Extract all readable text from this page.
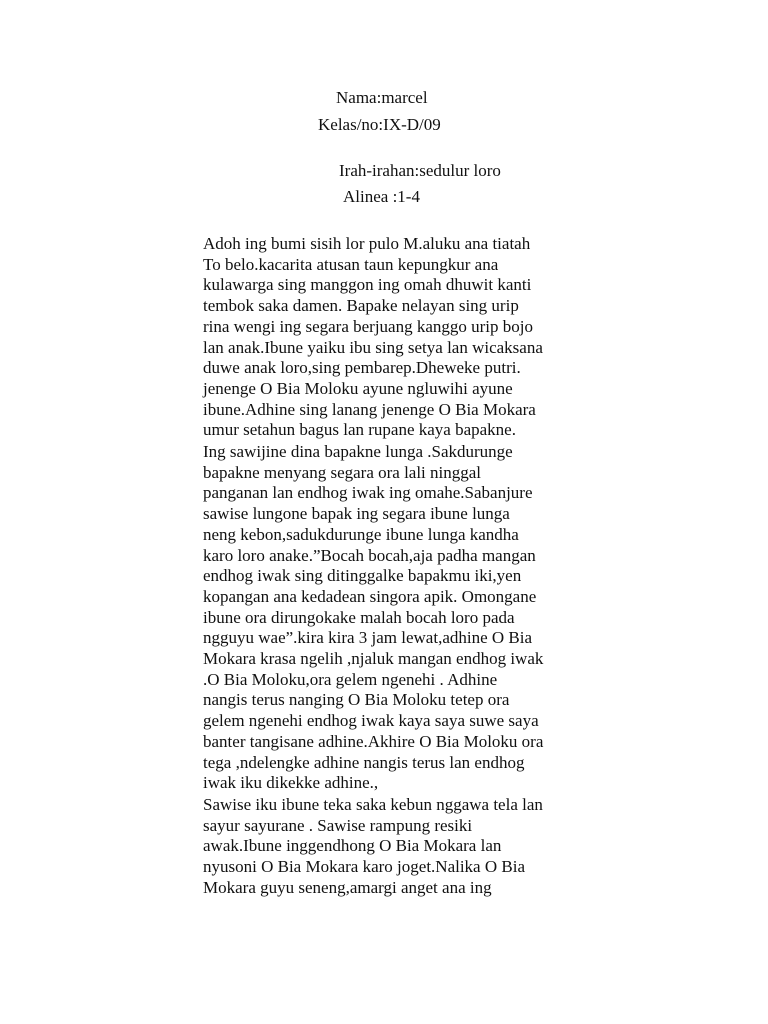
Nama:marcel
Kelas/no:IX-D/09
Irah-irahan:sedulur loro
Alinea :1-4
Adoh ing bumi sisih lor pulo M.aluku ana tiatah
To belo.kacarita atusan taun kepungkur ana
kulawarga sing manggon ing omah dhuwit kanti
tembok saka damen. Bapake nelayan sing urip
rina wengi ing segara berjuang kanggo urip bojo
lan anak.Ibune yaiku ibu sing setya lan wicaksana
duwe anak loro,sing pembarep.Dheweke putri.
jenenge O Bia Moloku ayune ngluwihi ayune
ibune.Adhine sing lanang jenenge O Bia Mokara
umur setahun bagus lan rupane kaya bapakne.
Ing sawijine dina bapakne lunga .Sakdurunge
bapakne menyang segara ora lali ninggal
panganan lan endhog iwak ing omahe.Sabanjure
sawise lungone bapak ing segara ibune lunga
neng kebon,sadukdurunge ibune lunga kandha
karo loro anake.”Bocah bocah,aja padha mangan
endhog iwak sing ditinggalke bapakmu iki,yen
kopangan ana kedadean singora apik. Omongane
ibune ora dirungokake malah bocah loro pada
ngguyu wae”.kira kira 3 jam lewat,adhine O Bia
Mokara krasa ngelih ,njaluk mangan endhog iwak
.O Bia Moloku,ora gelem ngenehi . Adhine
nangis terus nanging O Bia Moloku tetep ora
gelem ngenehi endhog iwak kaya saya suwe saya
banter tangisane adhine.Akhire O Bia Moloku ora
tega ,ndelengke adhine nangis terus lan endhog
iwak iku dikekke adhine.,
Sawise iku ibune teka saka kebun nggawa tela lan
sayur sayurane . Sawise rampung resiki
awak.Ibune inggendhong O Bia Mokara lan
nyusoni O Bia Mokara karo joget.Nalika O Bia
Mokara guyu seneng,amargi anget ana ing
